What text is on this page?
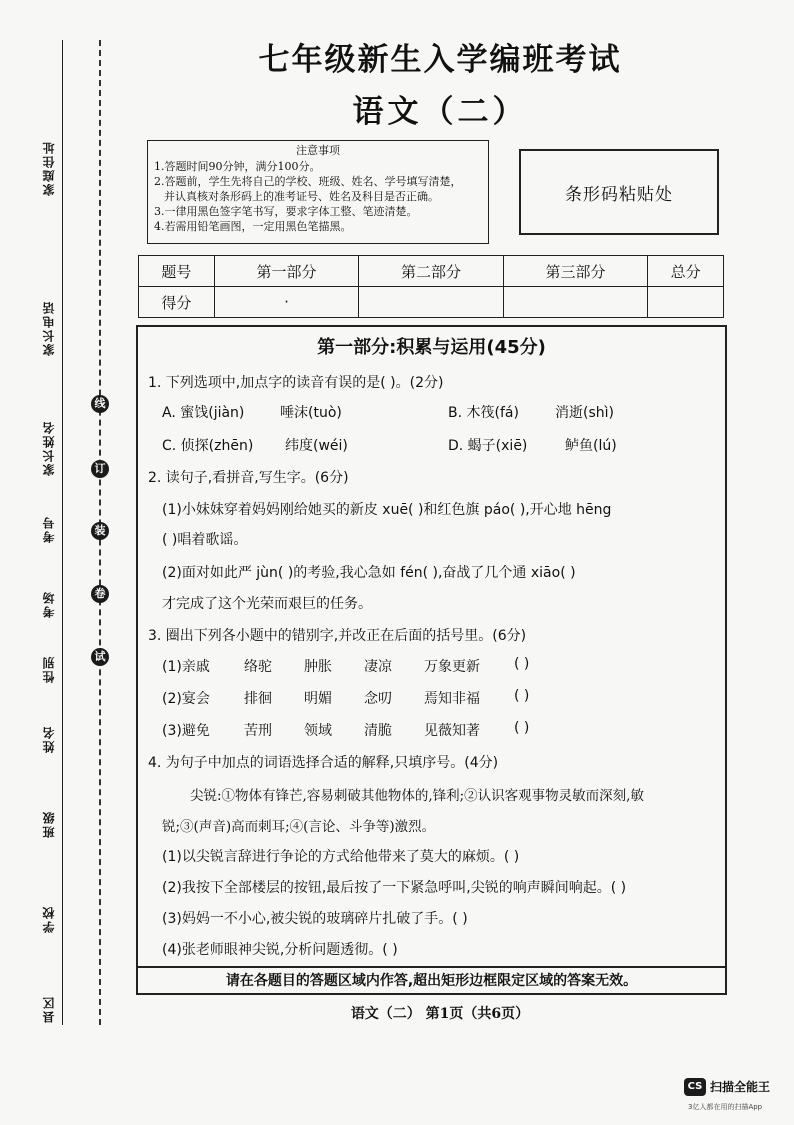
家庭住址
家长电话
家长姓名
考号
考场
性别
姓名
班级
学校
县区
线
订
装
卷
试
七年级新生入学编班考试
语文（二）
注意事项
1.答题时间90分钟，满分100分。
2.答题前，学生先将自己的学校、班级、姓名、学号填写清楚，
并认真核对条形码上的准考证号、姓名及科目是否正确。
3.一律用黑色签字笔书写，要求字体工整、笔迹清楚。
4.若需用铅笔画图，一定用黑色笔描黑。
条形码粘贴处
题号	第一部分	第二部分	第三部分	总分
得分	·			
第一部分:积累与运用(45分)
1. 下列选项中,加点字的读音有误的是( )。(2分)
A. 蜜饯(jiàn)	唾沫(tuò)	B. 木筏(fá)	消逝(shì)
C. 侦探(zhēn) 纬度(wéi)	D. 蝎子(xiē)	鲈鱼(lú)
2. 读句子,看拼音,写生字。(6分)
(1)小妹妹穿着妈妈刚给她买的新皮 xuē( )和红色旗 páo( ),开心地 hēng
( )唱着歌谣。
(2)面对如此严 jùn( )的考验,我心急如 fén( ),奋战了几个通 xiāo( )
才完成了这个光荣而艰巨的任务。
3. 圈出下列各小题中的错别字,并改正在后面的括号里。(6分)
(1)亲戚 络驼 肿胀 凄凉 万象更新 ( )
(2)宴会 排徊 明媚 念叨 焉知非福 ( )
(3)避免 苦刑 领域 清脆 见薇知著 ( )
4. 为句子中加点的词语选择合适的解释,只填序号。(4分)
尖锐:①物体有锋芒,容易刺破其他物体的,锋利;②认识客观事物灵敏而深刻,敏
锐;③(声音)高而刺耳;④(言论、斗争等)激烈。
(1)以尖锐言辞进行争论的方式给他带来了莫大的麻烦。( )
(2)我按下全部楼层的按钮,最后按了一下紧急呼叫,尖锐的响声瞬间响起。( )
(3)妈妈一不小心,被尖锐的玻璃碎片扎破了手。( )
(4)张老师眼神尖锐,分析问题透彻。( )
请在各题目的答题区域内作答,超出矩形边框限定区域的答案无效。
语文（二） 第1页（共6页）
CS 扫描全能王
3亿人都在用的扫描App
